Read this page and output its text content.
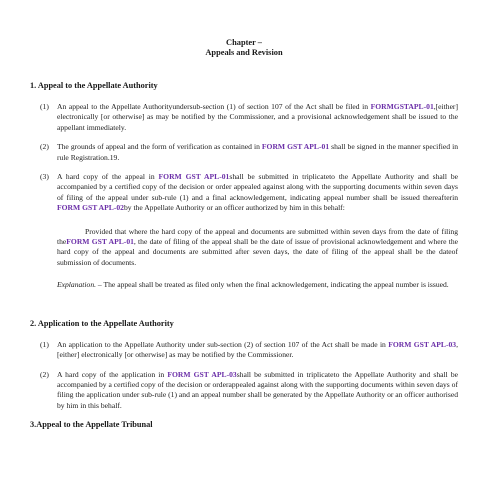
Chapter –
Appeals and Revision
1. Appeal to the Appellate Authority
(1) An appeal to the Appellate Authorityundersub-section (1) of section 107 of the Act shall be filed in FORMGSTAPL-01,[either] electronically [or otherwise] as may be notified by the Commissioner, and a provisional acknowledgement shall be issued to the appellant immediately.
(2) The grounds of appeal and the form of verification as contained in FORM GST APL-01 shall be signed in the manner specified in rule Registration.19.
(3) A hard copy of the appeal in FORM GST APL-01shall be submitted in triplicateto the Appellate Authority and shall be accompanied by a certified copy of the decision or order appealed against along with the supporting documents within seven days of filing of the appeal under sub-rule (1) and a final acknowledgement, indicating appeal number shall be issued thereafterin FORM GST APL-02by the Appellate Authority or an officer authorized by him in this behalf:
Provided that where the hard copy of the appeal and documents are submitted within seven days from the date of filing theFORM GST APL-01, the date of filing of the appeal shall be the date of issue of provisional acknowledgement and where the hard copy of the appeal and documents are submitted after seven days, the date of filing of the appeal shall be the dateof submission of documents.
Explanation. – The appeal shall be treated as filed only when the final acknowledgement, indicating the appeal number is issued.
2. Application to the Appellate Authority
(1) An application to the Appellate Authority under sub-section (2) of section 107 of the Act shall be made in FORM GST APL-03,[either] electronically [or otherwise] as may be notified by the Commissioner.
(2) A hard copy of the application in FORM GST APL-03shall be submitted in triplicateto the Appellate Authority and shall be accompanied by a certified copy of the decision or orderappealed against along with the supporting documents within seven days of filing the application under sub-rule (1) and an appeal number shall be generated by the Appellate Authority or an officer authorised by him in this behalf.
3.Appeal to the Appellate Tribunal
